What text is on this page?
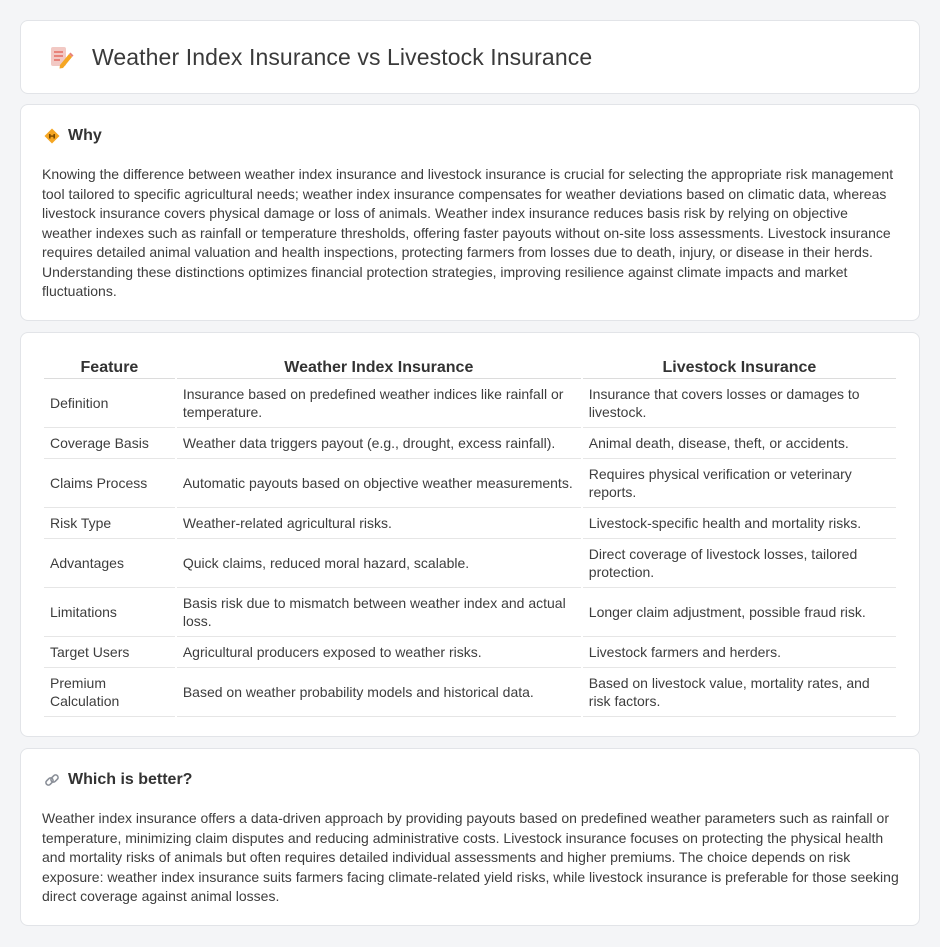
Weather Index Insurance vs Livestock Insurance
Why

Knowing the difference between weather index insurance and livestock insurance is crucial for selecting the appropriate risk management tool tailored to specific agricultural needs; weather index insurance compensates for weather deviations based on climatic data, whereas livestock insurance covers physical damage or loss of animals. Weather index insurance reduces basis risk by relying on objective weather indexes such as rainfall or temperature thresholds, offering faster payouts without on-site loss assessments. Livestock insurance requires detailed animal valuation and health inspections, protecting farmers from losses due to death, injury, or disease in their herds. Understanding these distinctions optimizes financial protection strategies, improving resilience against climate impacts and market fluctuations.

Feature	Weather Index Insurance	Livestock Insurance
Definition	Insurance based on predefined weather indices like rainfall or temperature.	Insurance that covers losses or damages to livestock.
Coverage Basis	Weather data triggers payout (e.g., drought, excess rainfall).	Animal death, disease, theft, or accidents.
Claims Process	Automatic payouts based on objective weather measurements.	Requires physical verification or veterinary reports.
Risk Type	Weather-related agricultural risks.	Livestock-specific health and mortality risks.
Advantages	Quick claims, reduced moral hazard, scalable.	Direct coverage of livestock losses, tailored protection.
Limitations	Basis risk due to mismatch between weather index and actual loss.	Longer claim adjustment, possible fraud risk.
Target Users	Agricultural producers exposed to weather risks.	Livestock farmers and herders.
Premium Calculation	Based on weather probability models and historical data.	Based on livestock value, mortality rates, and risk factors.
Which is better?

Weather index insurance offers a data-driven approach by providing payouts based on predefined weather parameters such as rainfall or temperature, minimizing claim disputes and reducing administrative costs. Livestock insurance focuses on protecting the physical health and mortality risks of animals but often requires detailed individual assessments and higher premiums. The choice depends on risk exposure: weather index insurance suits farmers facing climate-related yield risks, while livestock insurance is preferable for those seeking direct coverage against animal losses.
